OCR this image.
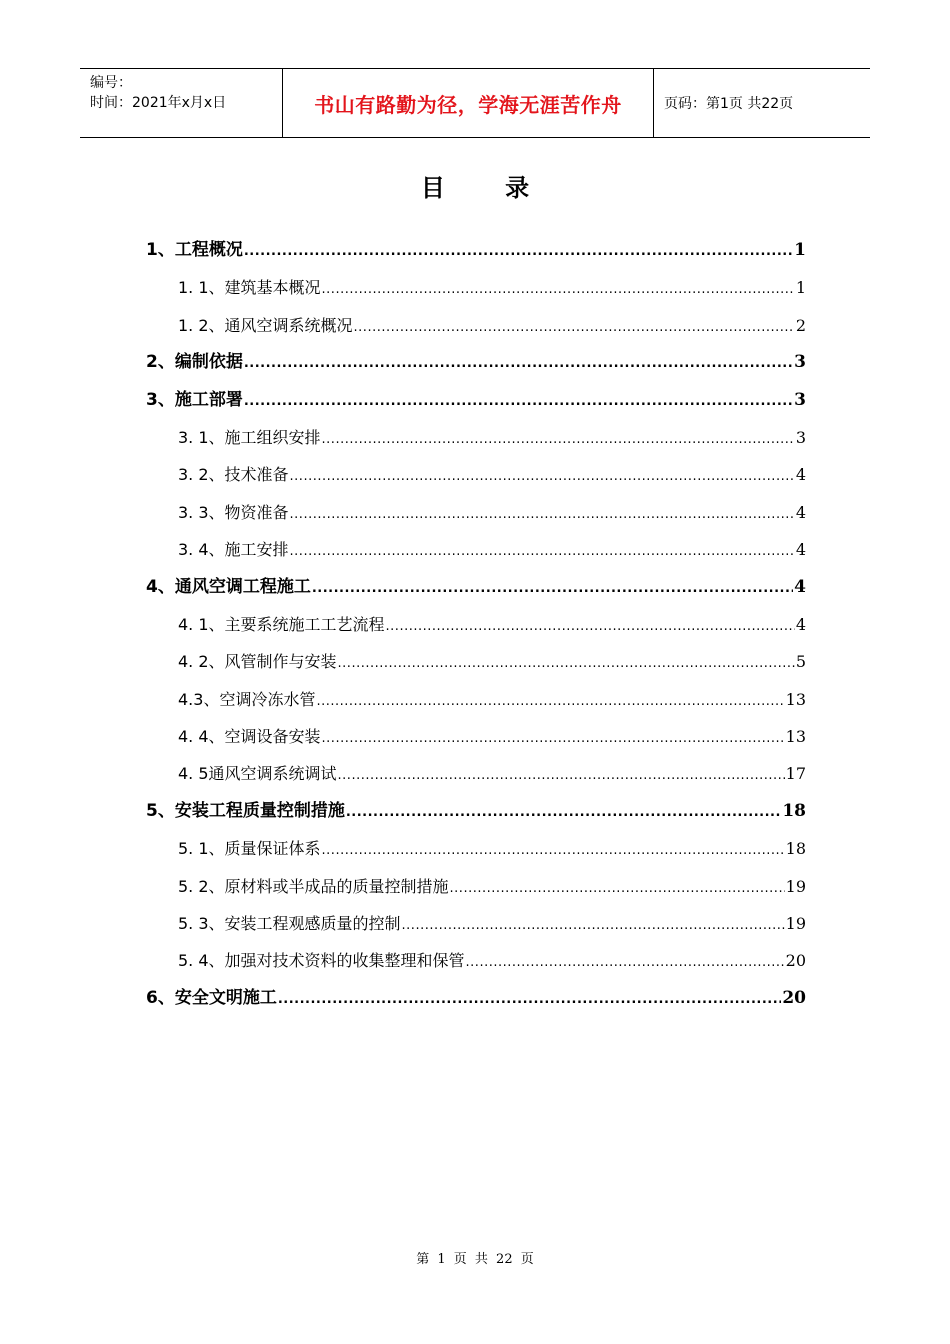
编号：
时间：2021年x月x日	书山有路勤为径，学海无涯苦作舟	页码：第1页 共22页
目 录
1、工程概况 .....	1
1. 1、建筑基本概况 .....	1
1. 2、通风空调系统概况 .....	2
2、编制依据 .....	3
3、施工部署 .....	3
3. 1、施工组织安排 .....	3
3. 2、技术准备 .....	4
3. 3、物资准备 .....	4
3. 4、施工安排 .....	4
4、通风空调工程施工 .....	4
4. 1、主要系统施工工艺流程 .....	4
4. 2、风管制作与安装 .....	5
4.3、空调冷冻水管 .....	13
4. 4、空调设备安装 .....	13
4. 5通风空调系统调试 .....	17
5、安装工程质量控制措施 .....	18
5. 1、质量保证体系 .....	18
5. 2、原材料或半成品的质量控制措施 .....	19
5. 3、安装工程观感质量的控制 .....	19
5. 4、加强对技术资料的收集整理和保管 .....	20
6、安全文明施工 .....	20
第 1 页 共 22 页
